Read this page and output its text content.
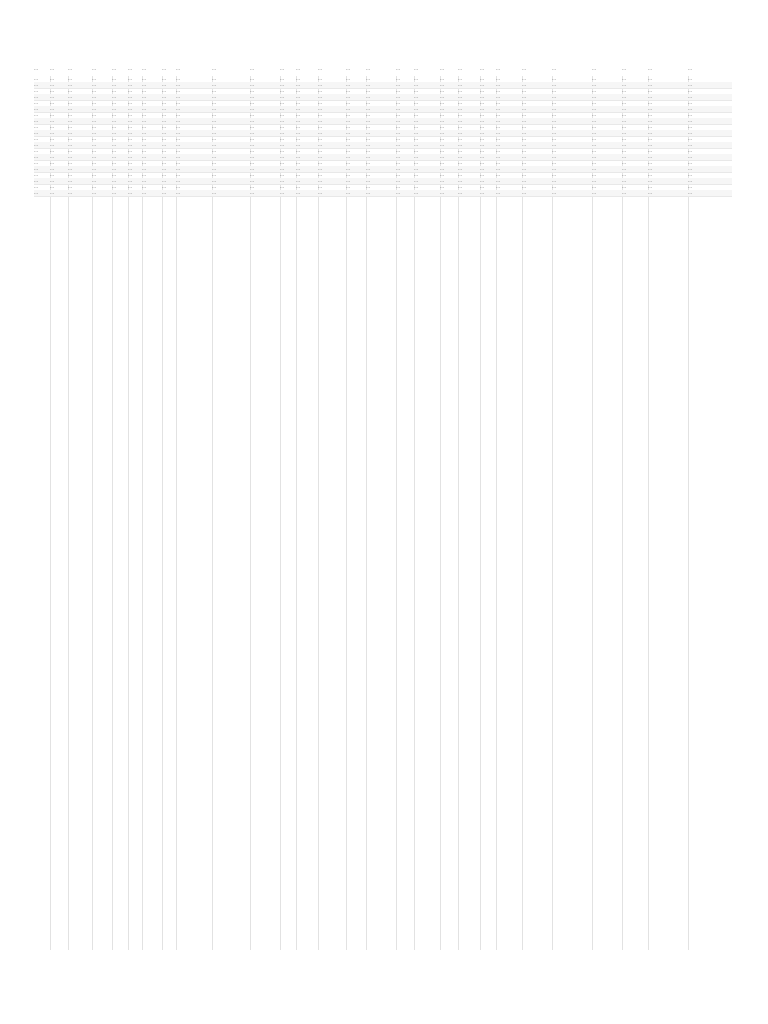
…	…	…	…	…	…	…	…	…	…	…	…	…	…	…	…	…	…	…	…	…	…	…	…	…	…	…	…
…	…	…	…	…	…	…	…	…	…	…	…	…	…	…	…	…	…	…	…	…	…	…	…	…	…	…	…
…	…	…	…	…	…	…	…	…	…	…	…	…	…	…	…	…	…	…	…	…	…	…	…	…	…	…	…
…	…	…	…	…	…	…	…	…	…	…	…	…	…	…	…	…	…	…	…	…	…	…	…	…	…	…	…
…	…	…	…	…	…	…	…	…	…	…	…	…	…	…	…	…	…	…	…	…	…	…	…	…	…	…	…
…	…	…	…	…	…	…	…	…	…	…	…	…	…	…	…	…	…	…	…	…	…	…	…	…	…	…	…
…	…	…	…	…	…	…	…	…	…	…	…	…	…	…	…	…	…	…	…	…	…	…	…	…	…	…	…
…	…	…	…	…	…	…	…	…	…	…	…	…	…	…	…	…	…	…	…	…	…	…	…	…	…	…	…
…	…	…	…	…	…	…	…	…	…	…	…	…	…	…	…	…	…	…	…	…	…	…	…	…	…	…	…
…	…	…	…	…	…	…	…	…	…	…	…	…	…	…	…	…	…	…	…	…	…	…	…	…	…	…	…
…	…	…	…	…	…	…	…	…	…	…	…	…	…	…	…	…	…	…	…	…	…	…	…	…	…	…	…
…	…	…	…	…	…	…	…	…	…	…	…	…	…	…	…	…	…	…	…	…	…	…	…	…	…	…	…
…	…	…	…	…	…	…	…	…	…	…	…	…	…	…	…	…	…	…	…	…	…	…	…	…	…	…	…
…	…	…	…	…	…	…	…	…	…	…	…	…	…	…	…	…	…	…	…	…	…	…	…	…	…	…	…
…	…	…	…	…	…	…	…	…	…	…	…	…	…	…	…	…	…	…	…	…	…	…	…	…	…	…	…
…	…	…	…	…	…	…	…	…	…	…	…	…	…	…	…	…	…	…	…	…	…	…	…	…	…	…	…
…	…	…	…	…	…	…	…	…	…	…	…	…	…	…	…	…	…	…	…	…	…	…	…	…	…	…	…
…	…	…	…	…	…	…	…	…	…	…	…	…	…	…	…	…	…	…	…	…	…	…	…	…	…	…	…
…	…	…	…	…	…	…	…	…	…	…	…	…	…	…	…	…	…	…	…	…	…	…	…	…	…	…	…
…	…	…	…	…	…	…	…	…	…	…	…	…	…	…	…	…	…	…	…	…	…	…	…	…	…	…	…
…	…	…	…	…	…	…	…	…	…	…	…	…	…	…	…	…	…	…	…	…	…	…	…	…	…	…	…
